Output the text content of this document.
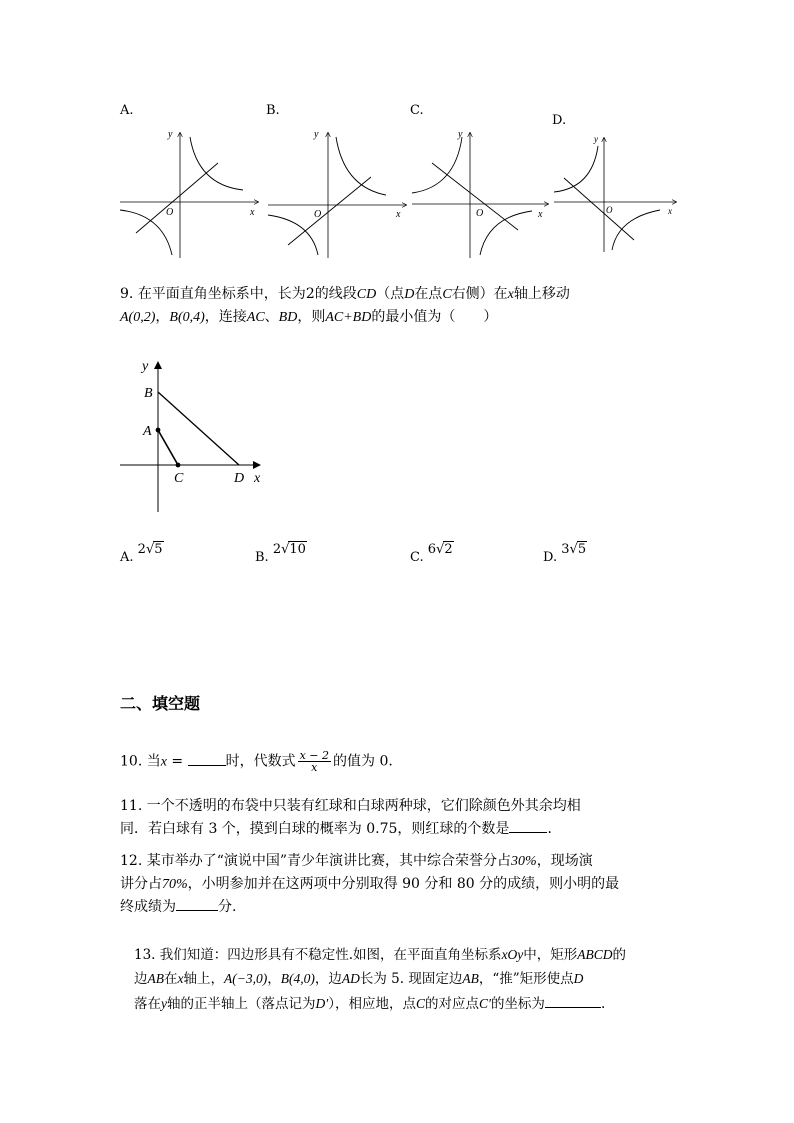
A.	B.	C.
D.
O	x
y
O	x
y
O	x
y
O	x
y
9. 在平面直角坐标系中，长为2的线段CD（点D在点C右侧）在x轴上移动
A(0,2)，B(0,4)，连接AC、BD，则AC+BD的最小值为（　　）
y
B
A
C	D x
A. 2√5
B. 2√10
C. 6√2
D. 3√5
二、填空题
10. 当x =	时，代数式 $\frac{x - 2}{x}$ 的值为 0.
11. 一个不透明的布袋中只装有红球和白球两种球，它们除颜色外其余均相
同．若白球有 3 个，摸到白球的概率为 0.75，则红球的个数是	．
12. 某市举办了“演说中国”青少年演讲比赛，其中综合荣誉分占30%，现场演
讲分占70%，小明参加并在这两项中分别取得 90 分和 80 分的成绩，则小明的最
终成绩为	分.
13. 我们知道：四边形具有不稳定性.如图，在平面直角坐标系xOy中，矩形ABCD的
边AB在x轴上，A(−3,0)，B(4,0)，边AD长为 5. 现固定边AB，“推”矩形使点D
落在y轴的正半轴上（落点记为D′），相应地，点C的对应点C′的坐标为	.
